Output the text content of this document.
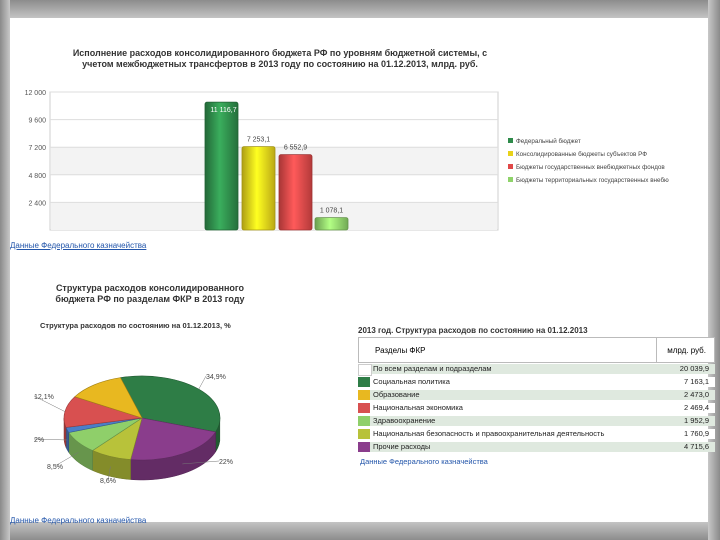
Исполнение расходов консолидированного бюджета РФ по уровням бюджетной системы, с учетом межбюджетных трансфертов в 2013 году по состоянию на 01.12.2013, млрд. руб.
12 000
9 600
7 200
4 800
2 400
11 116,7
7 253,1
6 552,9
1 078,1
Федеральный бюджет
Консолидированные бюджеты субъектов РФ
Бюджеты государственных внебюджетных фондов
Бюджеты территориальных государственных внебю
34,9%
22%
8,6%
8,5%
2%
12,1%
Данные Федерального казначейства
Структура расходов консолидированного бюджета РФ по разделам ФКР в 2013 году
Структура расходов по состоянию на 01.12.2013, %
2013 год. Структура расходов по состоянию на 01.12.2013
Разделы ФКР	млрд. руб.
По всем разделам и подразделам	20 039,9
Социальная политика	7 163,1
Образование	2 473,0
Национальная экономика	2 469,4
Здравоохранение	1 952,9
Национальная безопасность и правоохранительная деятельность	1 760,9
Прочие расходы	4 715,6
Данные Федерального казначейства
Данные Федерального казначейства
